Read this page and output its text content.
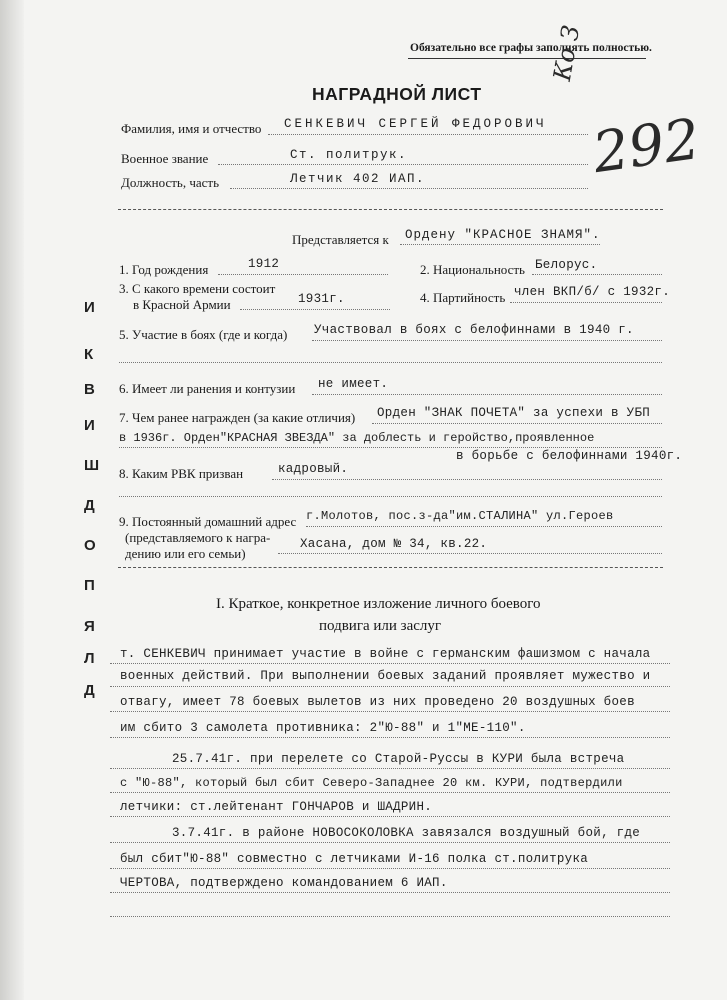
И
К
В
И
Ш
Д
О
П
Я
Л
Д
Обязательно все графы заполнять полностью.
НАГРАДНОЙ ЛИСТ
Ко З
292
Фамилия, имя и отчество СЕНКЕВИЧ СЕРГЕЙ ФЕДОРОВИЧ
Военное звание	Ст. политрук.
Должность, часть	Летчик 402 ИАП.
Представляется к Ордену "КРАСНОЕ ЗНАМЯ".
1. Год рождения	1912	2. Национальность Белорус.
3. С какого времени состоит
в Красной Армии	1931г.	4. Партийность член ВКП/б/ с 1932г.
5. Участие в боях (где и когда) Участвовал в боях с белофиннами в 1940 г.
6. Имеет ли ранения и контузии не имеет.
7. Чем ранее награжден (за какие отличия) Орден "ЗНАК ПОЧЕТА" за успехи в УБП
в 1936г. Орден"КРАСНАЯ ЗВЕЗДА" за доблесть и геройство,проявленное
в борьбе с белофиннами 1940г.
8. Каким РВК призван	кадровый.
9. Постоянный домашний адрес
(представляемого к награ-
дению или его семьи)
г.Молотов, пос.з-да"им.СТАЛИНА" ул.Героев
Хасана, дом № 34, кв.22.
I. Краткое, конкретное изложение личного боевого
подвига или заслуг
т. СЕНКЕВИЧ принимает участие в войне с германским фашизмом с начала
военных действий. При выполнении боевых заданий проявляет мужество и
отвагу, имеет 78 боевых вылетов из них проведено 20 воздушных боев
им сбито 3 самолета противника: 2"Ю-88" и 1"МЕ-110".
25.7.41г. при перелете со Старой-Руссы в КУРИ была встреча
с "Ю-88", который был сбит Северо-Западнее 20 км. КУРИ, подтвердили
летчики: ст.лейтенант ГОНЧАРОВ и ШАДРИН.
3.7.41г. в районе НОВОСОКОЛОВКА завязался воздушный бой, где
был сбит"Ю-88" совместно с летчиками И-16 полка ст.политрука
ЧЕРТОВА, подтверждено командованием 6 ИАП.
